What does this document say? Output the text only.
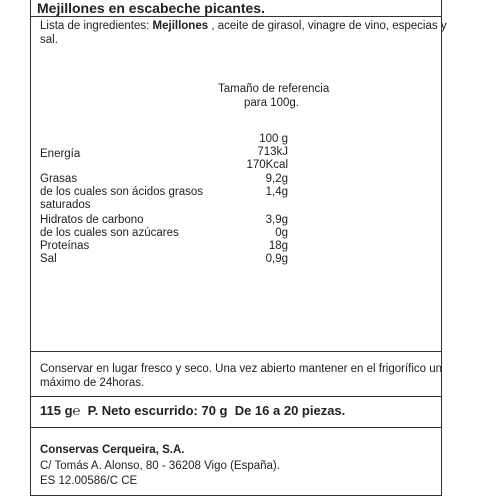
Mejillones en escabeche picantes.
Lista de ingredientes: Mejillones , aceite de girasol, vinagre de vino, especias y
sal.
Tamaño de referencia
para 100g.
100 g
Energía	713kJ
170Kcal
Grasas	9,2g
de los cuales son ácidos grasos	1,4g
saturados
Hidratos de carbono	3,9g
de los cuales son azúcares	0g
Proteínas	18g
Sal	0,9g
Conservar en lugar fresco y seco. Una vez abierto mantener en el frigorífico un
máximo de 24horas.
115 g℮  P. Neto escurrido: 70 g  De 16 a 20 piezas.
Conservas Cerqueira, S.A.
C/ Tomás A. Alonso, 80 - 36208 Vigo (España).
ES 12.00586/C CE
